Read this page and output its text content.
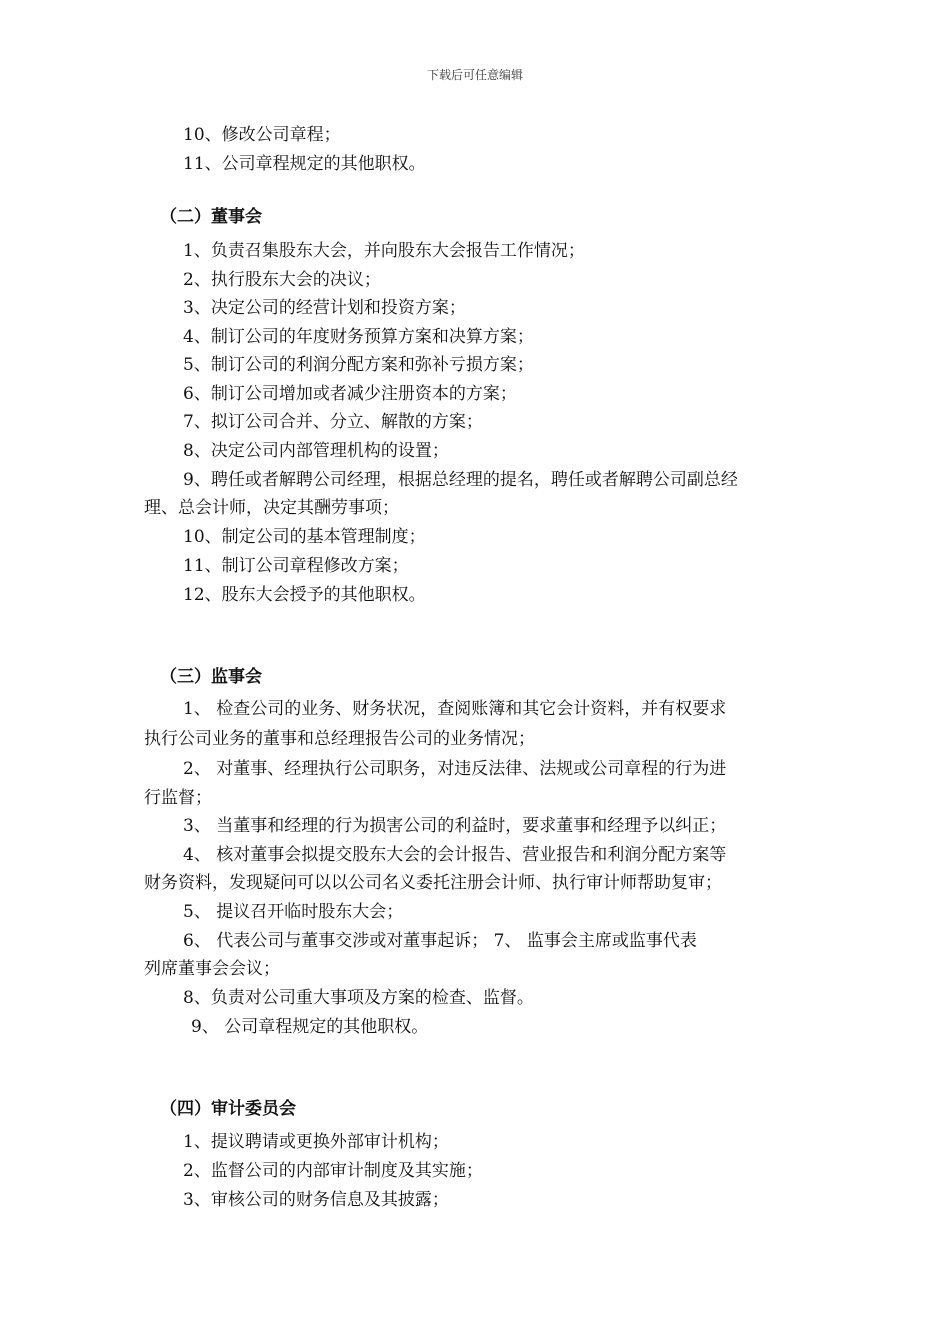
下载后可任意编辑
10、修改公司章程；
11、公司章程规定的其他职权。
（二）董事会
1、负责召集股东大会，并向股东大会报告工作情况；
2、执行股东大会的决议；
3、决定公司的经营计划和投资方案；
4、制订公司的年度财务预算方案和决算方案；
5、制订公司的利润分配方案和弥补亏损方案；
6、制订公司增加或者减少注册资本的方案；
7、拟订公司合并、分立、解散的方案；
8、决定公司内部管理机构的设置；
9、聘任或者解聘公司经理，根据总经理的提名，聘任或者解聘公司副总经
理、总会计师，决定其酬劳事项；
10、制定公司的基本管理制度；
11、制订公司章程修改方案；
12、股东大会授予的其他职权。
（三）监事会
1、 检查公司的业务、财务状况，查阅账簿和其它会计资料，并有权要求
执行公司业务的董事和总经理报告公司的业务情况；
2、 对董事、经理执行公司职务，对违反法律、法规或公司章程的行为进
行监督；
3、 当董事和经理的行为损害公司的利益时，要求董事和经理予以纠正；
4、 核对董事会拟提交股东大会的会计报告、营业报告和利润分配方案等
财务资料，发现疑问可以以公司名义委托注册会计师、执行审计师帮助复审；
5、 提议召开临时股东大会；
6、 代表公司与董事交涉或对董事起诉； 7、 监事会主席或监事代表
列席董事会会议；
8、负责对公司重大事项及方案的检查、监督。
9、 公司章程规定的其他职权。
（四）审计委员会
1、提议聘请或更换外部审计机构；
2、监督公司的内部审计制度及其实施；
3、审核公司的财务信息及其披露；
